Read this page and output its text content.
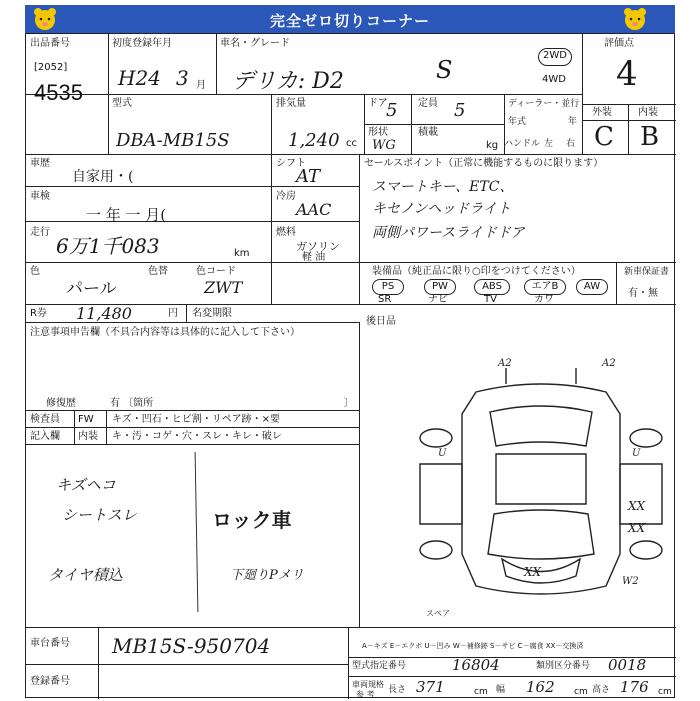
完全ゼロ切りコーナー
出品番号
[2052]
4535
初度登録年月
H24 3 月
車名・グレード
デリカ: D2	S
2WD
4WD
評価点
4
型式
DBA-MB15S
排気量
1,240 cc
ドア
5 定員 5
形状
WG
積載
kg
ディーラー・並行
年式	年
ハンドル 左 右
外装	内装
C B
車歴
自家用・(
車検
一 年 一 月(
走行
6万1千083	km
シフト
AT
冷房
AAC
燃料
ガソリン
軽 油
色
パール
色替	色コード
ZWT
R券 11,480	円 名変期限
注意事項申告欄（不具合内容等は具体的に記入して下さい）
修復歴	有 〔箇所	〕
検査員
記入欄
FW キズ・凹石・ヒビ割・リペア跡・×要
内装 キ・汚・コゲ・穴・スレ・キレ・破レ
キズヘコ
シートスレ
タイヤ積込	下廻りPメリ
ロック車
セールスポイント（正常に機能するものに限ります）
スマートキー、ETC、
キセノンヘッドライト
両側パワースライドドア
装備品（純正品に限り○印をつけてください）	新車保証書
有・無
PS	PW	ABS	エアB	AW
SR	ナビ	TV	カワ
後日品
XX
XX
XX
A2	A2
U
U
W2
スペア
車台番号 MB15S-950704
登録番号
A－キズ E－エクボ U－凹み W－補修跡 S－サビ C－腐食 XX－交換済
型式指定番号	16804	類別区分番号 0018
車両規格
参 考 長さ 371	cm 幅 162 cm 高さ 176 cm
